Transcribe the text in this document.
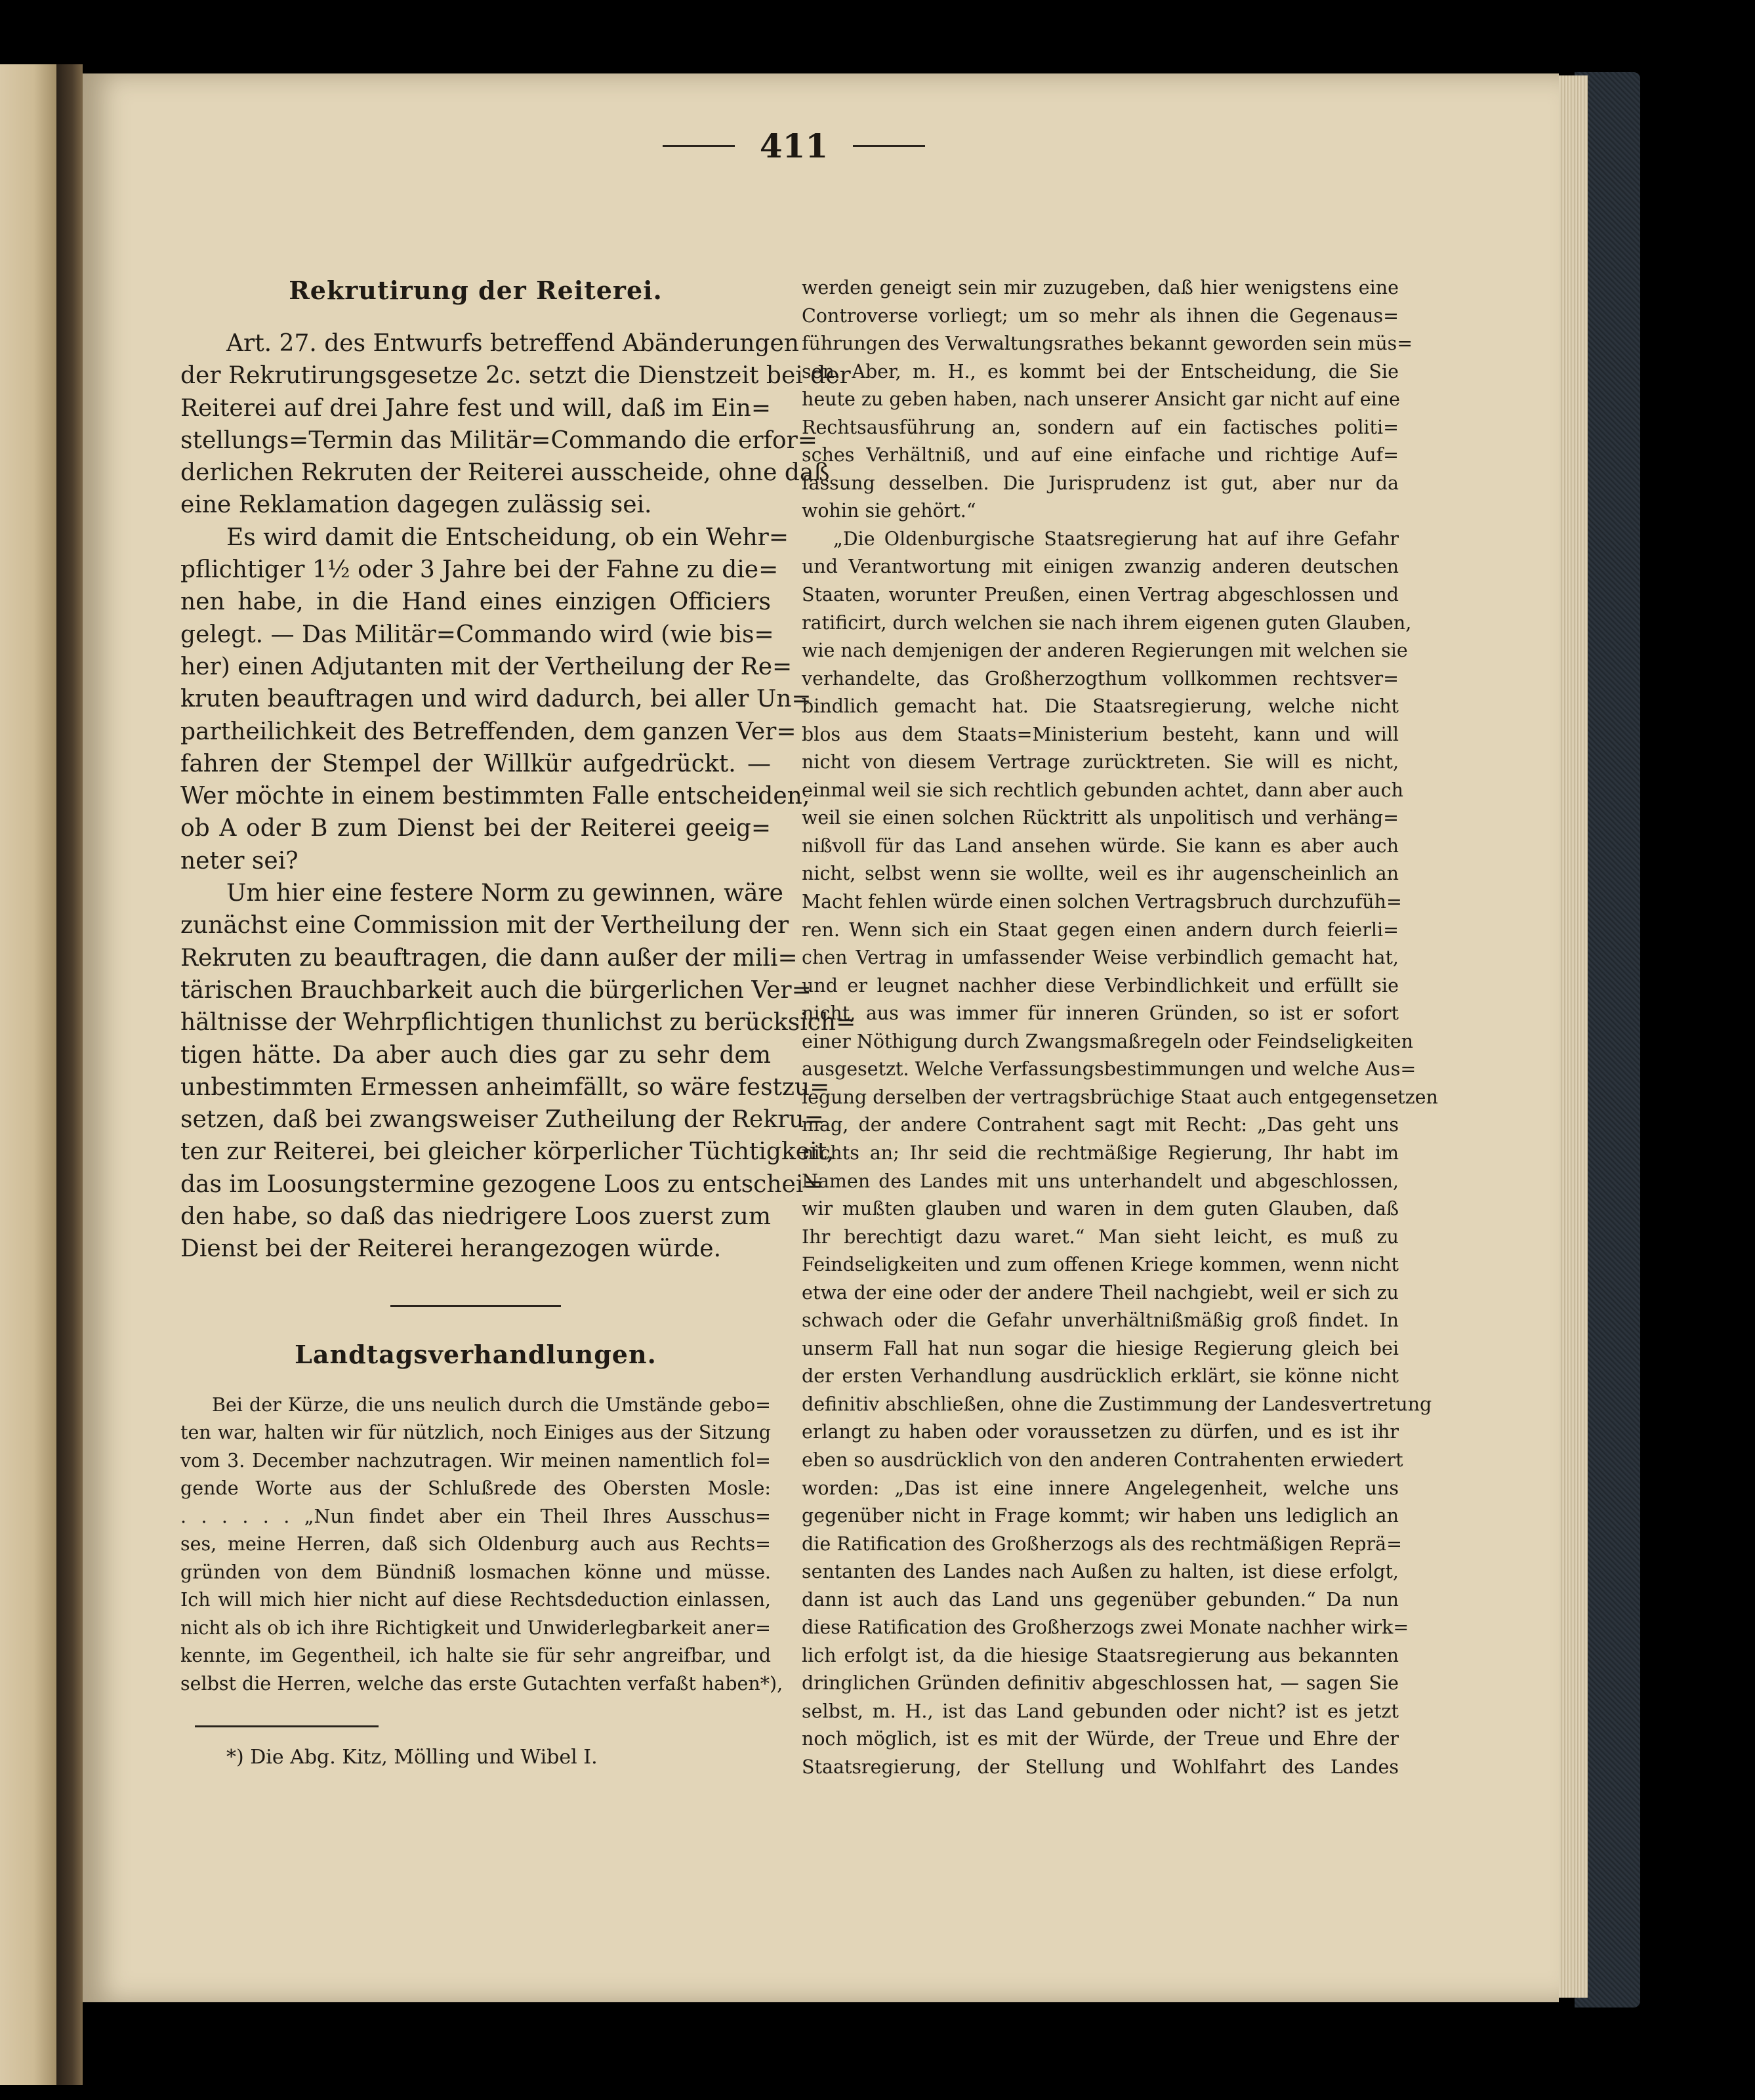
411
Rekrutirung der Reiterei.
Art. 27. des Entwurfs betreffend Abänderungen
der Rekrutirungsgesetze 2c. setzt die Dienstzeit bei der
Reiterei auf drei Jahre fest und will, daß im Ein=
stellungs=Termin das Militär=Commando die erfor=
derlichen Rekruten der Reiterei ausscheide, ohne daß
eine Reklamation dagegen zulässig sei.
Es wird damit die Entscheidung, ob ein Wehr=
pflichtiger 1½ oder 3 Jahre bei der Fahne zu die=
nen habe, in die Hand eines einzigen Officiers
gelegt. — Das Militär=Commando wird (wie bis=
her) einen Adjutanten mit der Vertheilung der Re=
kruten beauftragen und wird dadurch, bei aller Un=
partheilichkeit des Betreffenden, dem ganzen Ver=
fahren der Stempel der Willkür aufgedrückt. —
Wer möchte in einem bestimmten Falle entscheiden,
ob A oder B zum Dienst bei der Reiterei geeig=
neter sei?
Um hier eine festere Norm zu gewinnen, wäre
zunächst eine Commission mit der Vertheilung der
Rekruten zu beauftragen, die dann außer der mili=
tärischen Brauchbarkeit auch die bürgerlichen Ver=
hältnisse der Wehrpflichtigen thunlichst zu berücksich=
tigen hätte. Da aber auch dies gar zu sehr dem
unbestimmten Ermessen anheimfällt, so wäre festzu=
setzen, daß bei zwangsweiser Zutheilung der Rekru=
ten zur Reiterei, bei gleicher körperlicher Tüchtigkeit,
das im Loosungstermine gezogene Loos zu entschei=
den habe, so daß das niedrigere Loos zuerst zum
Dienst bei der Reiterei herangezogen würde.
Landtagsverhandlungen.
Bei der Kürze, die uns neulich durch die Umstände gebo=
ten war, halten wir für nützlich, noch Einiges aus der Sitzung
vom 3. December nachzutragen. Wir meinen namentlich fol=
gende Worte aus der Schlußrede des Obersten Mosle:
. . . . . . „Nun findet aber ein Theil Ihres Ausschus=
ses, meine Herren, daß sich Oldenburg auch aus Rechts=
gründen von dem Bündniß losmachen könne und müsse.
Ich will mich hier nicht auf diese Rechtsdeduction einlassen,
nicht als ob ich ihre Richtigkeit und Unwiderlegbarkeit aner=
kennte, im Gegentheil, ich halte sie für sehr angreifbar, und
selbst die Herren, welche das erste Gutachten verfaßt haben*),
*) Die Abg. Kitz, Mölling und Wibel I.
werden geneigt sein mir zuzugeben, daß hier wenigstens eine
Controverse vorliegt; um so mehr als ihnen die Gegenaus=
führungen des Verwaltungsrathes bekannt geworden sein müs=
sen. Aber, m. H., es kommt bei der Entscheidung, die Sie
heute zu geben haben, nach unserer Ansicht gar nicht auf eine
Rechtsausführung an, sondern auf ein factisches politi=
sches Verhältniß, und auf eine einfache und richtige Auf=
fassung desselben. Die Jurisprudenz ist gut, aber nur da
wohin sie gehört.“
„Die Oldenburgische Staatsregierung hat auf ihre Gefahr
und Verantwortung mit einigen zwanzig anderen deutschen
Staaten, worunter Preußen, einen Vertrag abgeschlossen und
ratificirt, durch welchen sie nach ihrem eigenen guten Glauben,
wie nach demjenigen der anderen Regierungen mit welchen sie
verhandelte, das Großherzogthum vollkommen rechtsver=
bindlich gemacht hat. Die Staatsregierung, welche nicht
blos aus dem Staats=Ministerium besteht, kann und will
nicht von diesem Vertrage zurücktreten. Sie will es nicht,
einmal weil sie sich rechtlich gebunden achtet, dann aber auch
weil sie einen solchen Rücktritt als unpolitisch und verhäng=
nißvoll für das Land ansehen würde. Sie kann es aber auch
nicht, selbst wenn sie wollte, weil es ihr augenscheinlich an
Macht fehlen würde einen solchen Vertragsbruch durchzufüh=
ren. Wenn sich ein Staat gegen einen andern durch feierli=
chen Vertrag in umfassender Weise verbindlich gemacht hat,
und er leugnet nachher diese Verbindlichkeit und erfüllt sie
nicht, aus was immer für inneren Gründen, so ist er sofort
einer Nöthigung durch Zwangsmaßregeln oder Feindseligkeiten
ausgesetzt. Welche Verfassungsbestimmungen und welche Aus=
legung derselben der vertragsbrüchige Staat auch entgegensetzen
mag, der andere Contrahent sagt mit Recht: „Das geht uns
nichts an; Ihr seid die rechtmäßige Regierung, Ihr habt im
Namen des Landes mit uns unterhandelt und abgeschlossen,
wir mußten glauben und waren in dem guten Glauben, daß
Ihr berechtigt dazu waret.“ Man sieht leicht, es muß zu
Feindseligkeiten und zum offenen Kriege kommen, wenn nicht
etwa der eine oder der andere Theil nachgiebt, weil er sich zu
schwach oder die Gefahr unverhältnißmäßig groß findet. In
unserm Fall hat nun sogar die hiesige Regierung gleich bei
der ersten Verhandlung ausdrücklich erklärt, sie könne nicht
definitiv abschließen, ohne die Zustimmung der Landesvertretung
erlangt zu haben oder voraussetzen zu dürfen, und es ist ihr
eben so ausdrücklich von den anderen Contrahenten erwiedert
worden: „Das ist eine innere Angelegenheit, welche uns
gegenüber nicht in Frage kommt; wir haben uns lediglich an
die Ratification des Großherzogs als des rechtmäßigen Reprä=
sentanten des Landes nach Außen zu halten, ist diese erfolgt,
dann ist auch das Land uns gegenüber gebunden.“ Da nun
diese Ratification des Großherzogs zwei Monate nachher wirk=
lich erfolgt ist, da die hiesige Staatsregierung aus bekannten
dringlichen Gründen definitiv abgeschlossen hat, — sagen Sie
selbst, m. H., ist das Land gebunden oder nicht? ist es jetzt
noch möglich, ist es mit der Würde, der Treue und Ehre der
Staatsregierung, der Stellung und Wohlfahrt des Landes
